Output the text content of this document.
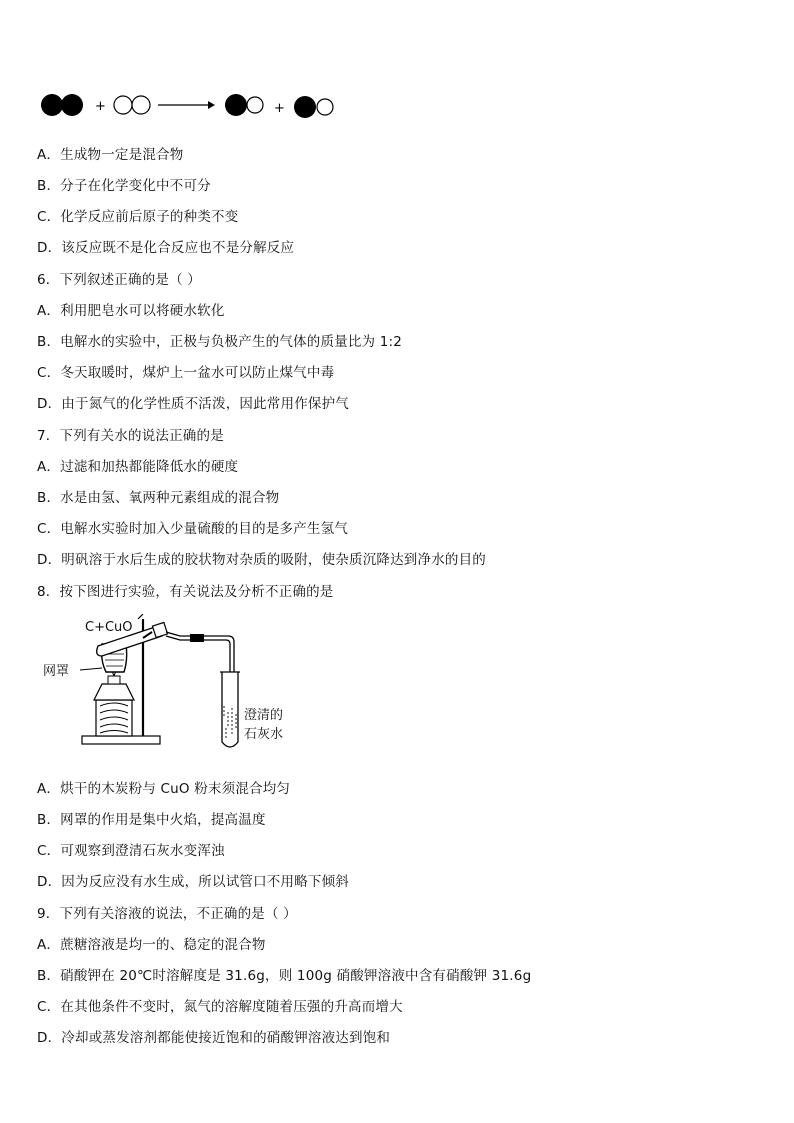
+	+
A．生成物一定是混合物
B．分子在化学变化中不可分
C．化学反应前后原子的种类不变
D．该反应既不是化合反应也不是分解反应
6．下列叙述正确的是（ ）
A．利用肥皂水可以将硬水软化
B．电解水的实验中，正极与负极产生的气体的质量比为 1:2
C．冬天取暖时，煤炉上一盆水可以防止煤气中毒
D．由于氮气的化学性质不活泼，因此常用作保护气
7．下列有关水的说法正确的是
A．过滤和加热都能降低水的硬度
B．水是由氢、氧两种元素组成的混合物
C．电解水实验时加入少量硫酸的目的是多产生氢气
D．明矾溶于水后生成的胶状物对杂质的吸附，使杂质沉降达到净水的目的
8．按下图进行实验，有关说法及分析不正确的是
C+CuO
网罩
澄清的
石灰水
A．烘干的木炭粉与 CuO 粉末须混合均匀
B．网罩的作用是集中火焰，提高温度
C．可观察到澄清石灰水变浑浊
D．因为反应没有水生成，所以试管口不用略下倾斜
9．下列有关溶液的说法，不正确的是（ ）
A．蔗糖溶液是均一的、稳定的混合物
B．硝酸钾在 20℃时溶解度是 31.6g，则 100g 硝酸钾溶液中含有硝酸钾 31.6g
C．在其他条件不变时，氮气的溶解度随着压强的升高而增大
D．冷却或蒸发溶剂都能使接近饱和的硝酸钾溶液达到饱和
